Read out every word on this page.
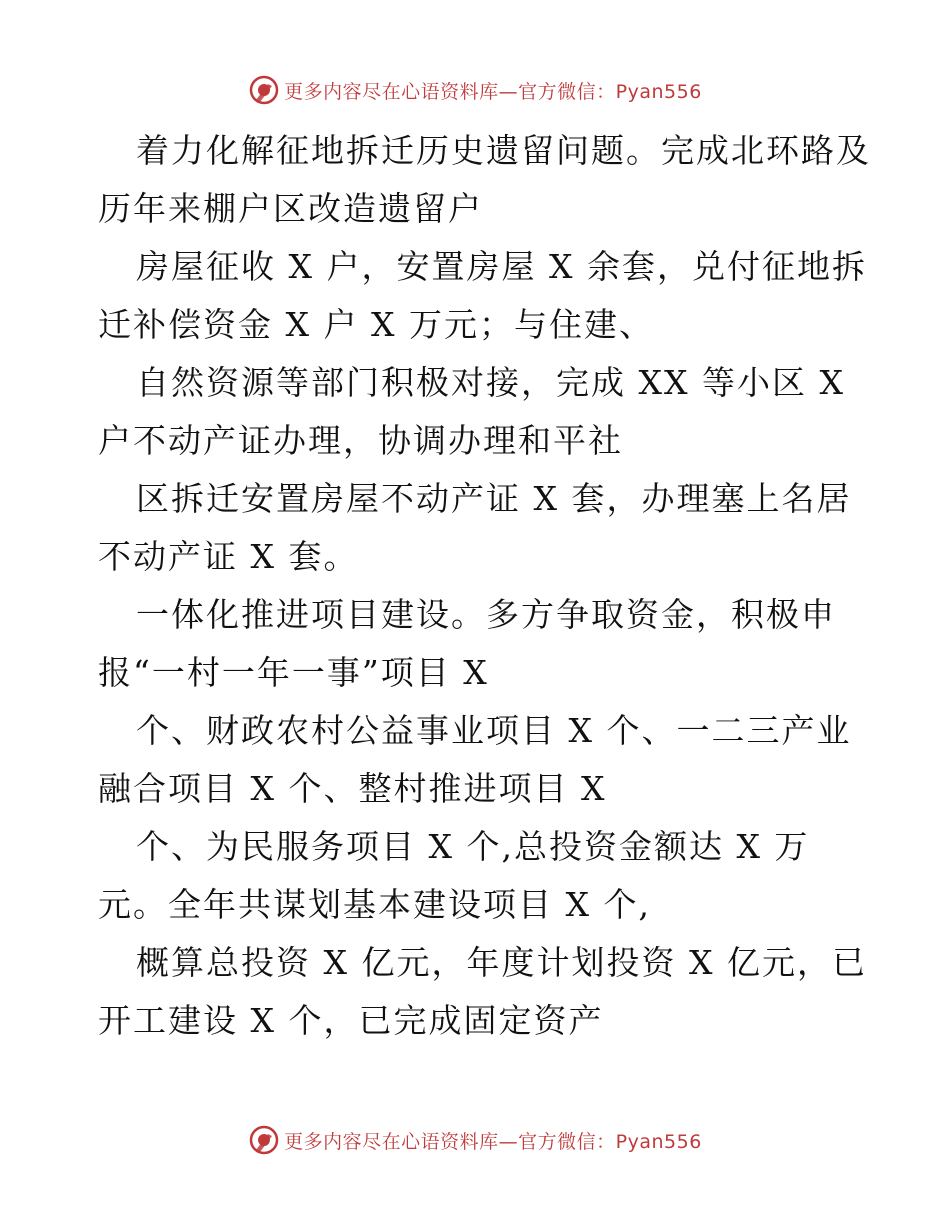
更多内容尽在心语资料库—官方微信：Pyan556
着力化解征地拆迁历史遗留问题。完成北环路及
历年来棚户区改造遗留户
房屋征收 X 户，安置房屋 X 余套，兑付征地拆
迁补偿资金 X 户 X 万元；与住建、
自然资源等部门积极对接，完成 XX 等小区 X
户不动产证办理，协调办理和平社
区拆迁安置房屋不动产证 X 套，办理塞上名居
不动产证 X 套。
一体化推进项目建设。多方争取资金，积极申
报“一村一年一事”项目 X
个、财政农村公益事业项目 X 个、一二三产业
融合项目 X 个、整村推进项目 X
个、为民服务项目 X 个,总投资金额达 X 万
元。全年共谋划基本建设项目 X 个,
概算总投资 X 亿元，年度计划投资 X 亿元，已
开工建设 X 个，已完成固定资产
更多内容尽在心语资料库—官方微信：Pyan556
